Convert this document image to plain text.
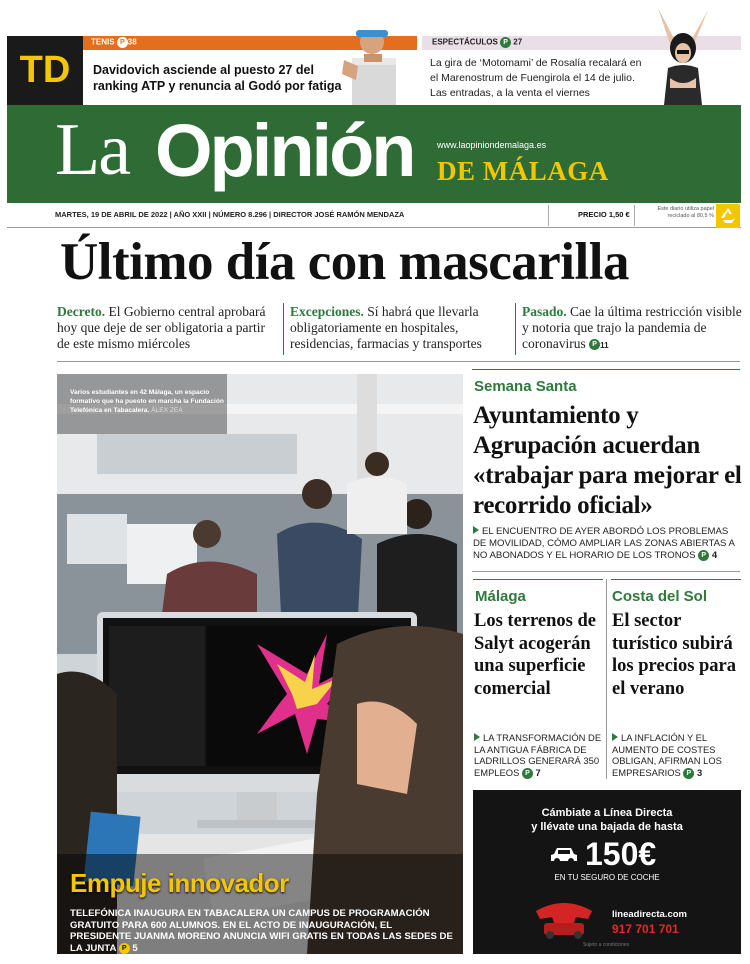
TD
TENIS P 38
Davidovich asciende al puesto 27 del ranking ATP y renuncia al Godó por fatiga
ESPECTÁCULOS P 27
La gira de ‘Motomami’ de Rosalía recalará en el Marenostrum de Fuengirola el 14 de julio. Las entradas, a la venta el viernes
La Opinión	www.laopiniondemalaga.es
DE MÁLAGA
MARTES, 19 DE ABRIL DE 2022 | AÑO XXII | NÚMERO 8.296 | DIRECTOR JOSÉ RAMÓN MENDAZA	PRECIO 1,50 €
Este diario utiliza papel reciclado al 80,5 %
Último día con mascarilla
Decreto. El Gobierno central aprobará hoy que deje de ser obligatoria a partir de este mismo miércoles
Excepciones. Sí habrá que llevarla obligatoriamente en hospitales, residencias, farmacias y transportes
Pasado. Cae la última restricción visible y notoria que trajo la pandemia de coronavirus P 11
Varios estudiantes en 42 Málaga, un espacio formativo que ha puesto en marcha la Fundación Telefónica en Tabacalera. ÁLEX ZEA
Empuje innovador
TELEFÓNICA INAUGURA EN TABACALERA UN CAMPUS DE PROGRAMACIÓN GRATUITO PARA 600 ALUMNOS. EN EL ACTO DE INAUGURACIÓN, EL PRESIDENTE JUANMA MORENO ANUNCIA WIFI GRATIS EN TODAS LAS SEDES DE LA JUNTA P 5
Semana Santa
Ayuntamiento y Agrupación acuerdan «trabajar para mejorar el recorrido oficial»
EL ENCUENTRO DE AYER ABORDÓ LOS PROBLEMAS DE MOVILIDAD, CÓMO AMPLIAR LAS ZONAS ABIERTAS A NO ABONADOS Y EL HORARIO DE LOS TRONOS P 4
Málaga
Los terrenos de Salyt acogerán una superficie comercial
LA TRANSFORMACIÓN DE LA ANTIGUA FÁBRICA DE LADRILLOS GENERARÁ 350 EMPLEOS P 7
Costa del Sol
El sector turístico subirá los precios para el verano
LA INFLACIÓN Y EL AUMENTO DE COSTES OBLIGAN, AFIRMAN LOS EMPRESARIOS P 3
Cámbiate a Línea Directa
y llévate una bajada de hasta
150€
EN TU SEGURO DE COCHE
lineadirecta.com
917 701 701
Sujeto a condiciones
